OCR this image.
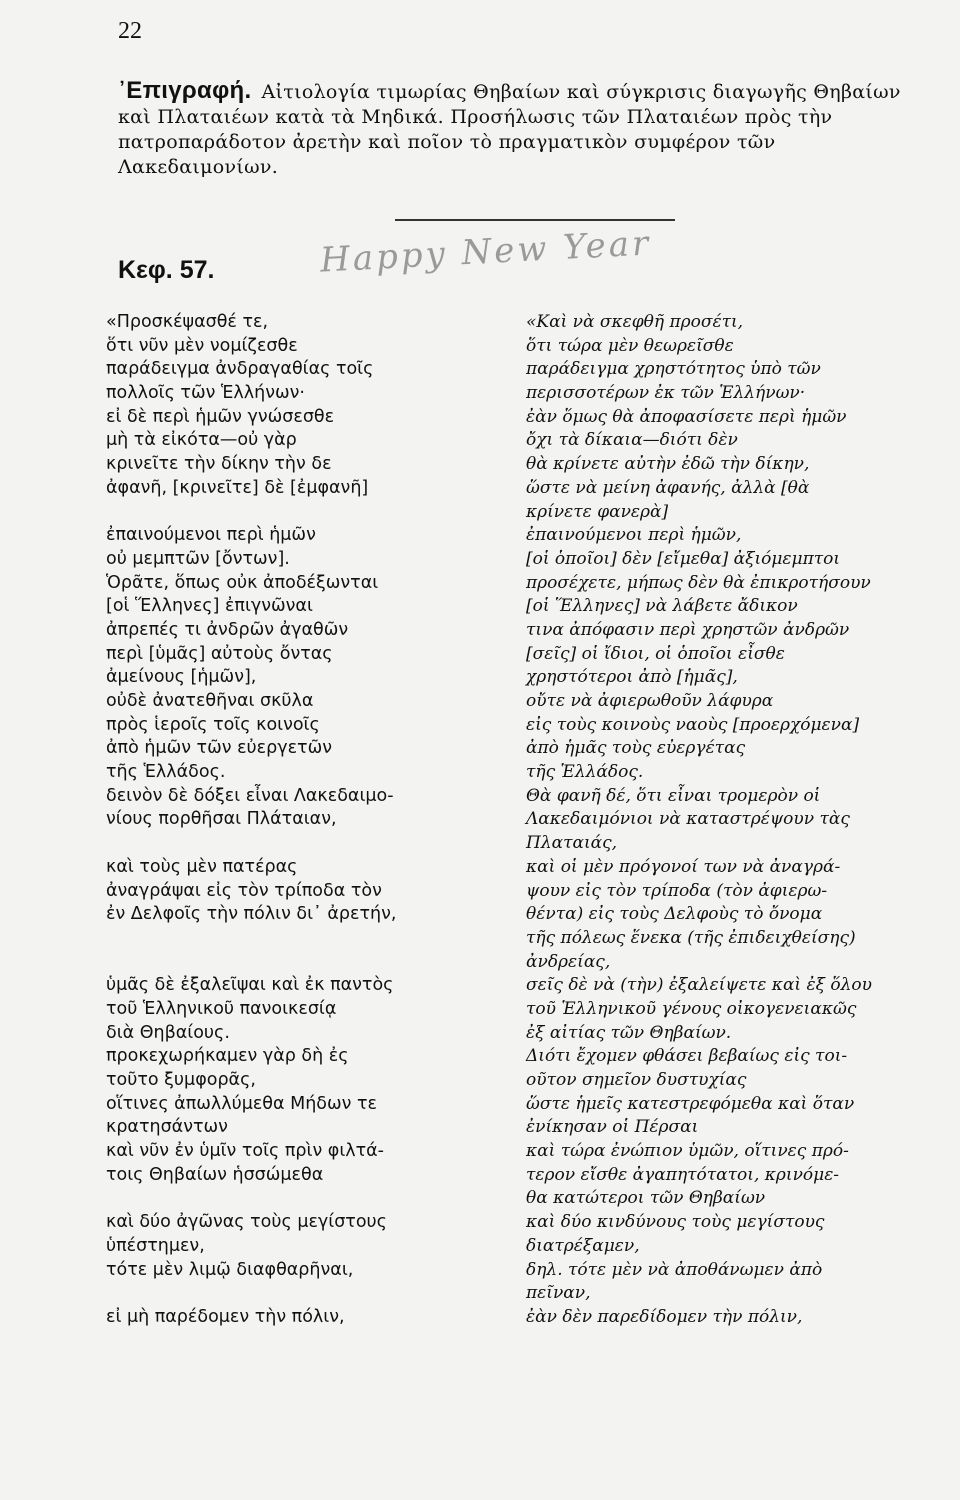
22
᾿Επιγραφή. Αἰτιολογία τιμωρίας Θηβαίων καὶ σύγκρισις διαγωγῆς Θηβαίων καὶ Πλαταιέων κατὰ τὰ Μηδικά. Προσήλωσις τῶν Πλαταιέων πρὸς τὴν πατροπαράδοτον ἀρετὴν καὶ ποῖον τὸ πραγματικὸν συμφέρον τῶν Λακεδαιμονίων.
Κεφ. 57.	Happy New Year
«Προσκέψασθέ τε,
ὅτι νῦν μὲν νομίζεσθε
παράδειγμα ἀνδραγαθίας τοῖς
πολλοῖς τῶν Ἑλλήνων·
εἰ δὲ περὶ ἡμῶν γνώσεσθε
μὴ τὰ εἰκότα—οὐ γὰρ
κρινεῖτε τὴν δίκην τὴν δε
ἀφανῆ, [κρινεῖτε] δὲ [ἐμφανῆ]
ἐπαινούμενοι περὶ ἡμῶν
οὐ μεμπτῶν [ὄντων].
Ὁρᾶτε, ὅπως οὐκ ἀποδέξωνται
[οἱ Ἕλληνες] ἐπιγνῶναι
ἀπρεπές τι ἀνδρῶν ἀγαθῶν
περὶ [ὑμᾶς] αὐτοὺς ὄντας
ἀμείνους [ἡμῶν],
οὐδὲ ἀνατεθῆναι σκῦλα
πρὸς ἱεροῖς τοῖς κοινοῖς
ἀπὸ ἡμῶν τῶν εὐεργετῶν
τῆς Ἑλλάδος.
δεινὸν δὲ δόξει εἶναι Λακεδαιμο-
νίους πορθῆσαι Πλάταιαν,
καὶ τοὺς μὲν πατέρας
ἀναγράψαι εἰς τὸν τρίποδα τὸν
ἐν Δελφοῖς τὴν πόλιν δι᾿ ἀρετήν,
ὑμᾶς δὲ ἐξαλεῖψαι καὶ ἐκ παντὸς
τοῦ Ἑλληνικοῦ πανοικεσίᾳ
διὰ Θηβαίους.
προκεχωρήκαμεν γὰρ δὴ ἐς
τοῦτο ξυμφορᾶς,
οἵτινες ἀπωλλύμεθα Μήδων τε
κρατησάντων
καὶ νῦν ἐν ὑμῖν τοῖς πρὶν φιλτά-
τοις Θηβαίων ἡσσώμεθα
καὶ δύο ἀγῶνας τοὺς μεγίστους
ὑπέστημεν,
τότε μὲν λιμῷ διαφθαρῆναι,
εἰ μὴ παρέδομεν τὴν πόλιν,
«Καὶ νὰ σκεφθῆ προσέτι,
ὅτι τώρα μὲν θεωρεῖσθε
παράδειγμα χρηστότητος ὑπὸ τῶν
περισσοτέρων ἐκ τῶν Ἑλλήνων·
ἐὰν ὅμως θὰ ἀποφασίσετε περὶ ἡμῶν
ὄχι τὰ δίκαια—διότι δὲν
θὰ κρίνετε αὐτὴν ἐδῶ τὴν δίκην,
ὥστε νὰ μείνη ἀφανής, ἀλλὰ [θὰ
κρίνετε φανερὰ]
ἐπαινούμενοι περὶ ἡμῶν,
[οἱ ὁποῖοι] δὲν [εἴμεθα] ἀξιόμεμπτοι
προσέχετε, μήπως δὲν θὰ ἐπικροτήσουν
[οἱ Ἕλληνες] νὰ λάβετε ἄδικον
τινα ἀπόφασιν περὶ χρηστῶν ἀνδρῶν
[σεῖς] οἱ ἴδιοι, οἱ ὁποῖοι εἶσθε
χρηστότεροι ἀπὸ [ἡμᾶς],
οὔτε νὰ ἀφιερωθοῦν λάφυρα
εἰς τοὺς κοινοὺς ναοὺς [προερχόμενα]
ἀπὸ ἡμᾶς τοὺς εὐεργέτας
τῆς Ἑλλάδος.
Θὰ φανῆ δέ, ὅτι εἶναι τρομερὸν οἱ
Λακεδαιμόνιοι νὰ καταστρέψουν τὰς
Πλαταιάς,
καὶ οἱ μὲν πρόγονοί των νὰ ἀναγρά-
ψουν εἰς τὸν τρίποδα (τὸν ἀφιερω-
θέντα) εἰς τοὺς Δελφοὺς τὸ ὄνομα
τῆς πόλεως ἕνεκα (τῆς ἐπιδειχθείσης)
ἀνδρείας,
σεῖς δὲ νὰ (τὴν) ἐξαλείψετε καὶ ἐξ ὅλου
τοῦ Ἑλληνικοῦ γένους οἰκογενειακῶς
ἐξ αἰτίας τῶν Θηβαίων.
Διότι ἔχομεν φθάσει βεβαίως εἰς τοι-
οῦτον σημεῖον δυστυχίας
ὥστε ἡμεῖς κατεστρεφόμεθα καὶ ὅταν
ἐνίκησαν οἱ Πέρσαι
καὶ τώρα ἐνώπιον ὑμῶν, οἵτινες πρό-
τερον εἴσθε ἀγαπητότατοι, κρινόμε-
θα κατώτεροι τῶν Θηβαίων
καὶ δύο κινδύνους τοὺς μεγίστους
διατρέξαμεν,
δηλ. τότε μὲν νὰ ἀποθάνωμεν ἀπὸ
πεῖναν,
ἐὰν δὲν παρεδίδομεν τὴν πόλιν,
